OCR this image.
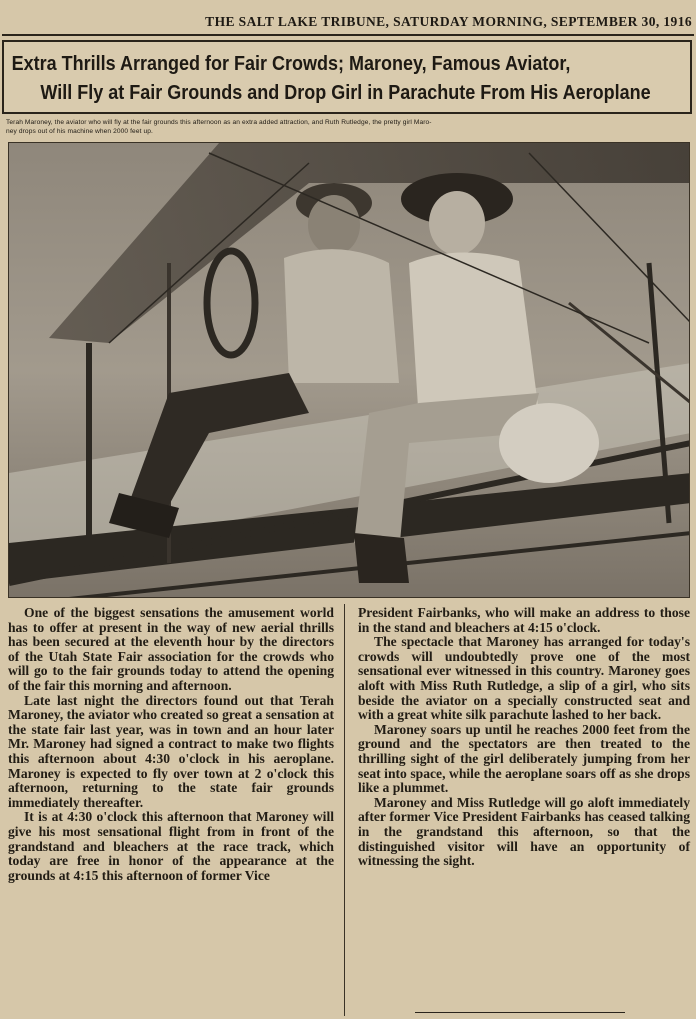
THE SALT LAKE TRIBUNE, SATURDAY MORNING, SEPTEMBER 30, 1916
Extra Thrills Arranged for Fair Crowds; Maroney, Famous Aviator,
Will Fly at Fair Grounds and Drop Girl in Parachute From His Aeroplane
Terah Maroney, the aviator who will fly at the fair grounds this afternoon as an extra added attraction, and Ruth Rutledge, the pretty girl Maro-
ney drops out of his machine when 2000 feet up.

One of the biggest sensations the amusement world has to offer at present in the way of new aerial thrills has been secured at the eleventh hour by the directors of the Utah State Fair association for the crowds who will go to the fair grounds today to attend the opening of the fair this morning and afternoon.

Late last night the directors found out that Terah Maroney, the aviator who created so great a sensation at the state fair last year, was in town and an hour later Mr. Maroney had signed a contract to make two flights this afternoon about 4:30 o'clock in his aeroplane. Maroney is expected to fly over town at 2 o'clock this afternoon, returning to the state fair grounds immediately thereafter.

It is at 4:30 o'clock this afternoon that Maroney will give his most sensational flight from in front of the grandstand and bleachers at the race track, which today are free in honor of the appearance at the grounds at 4:15 this afternoon of former Vice

President Fairbanks, who will make an address to those in the stand and bleachers at 4:15 o'clock.

The spectacle that Maroney has arranged for today's crowds will undoubtedly prove one of the most sensational ever witnessed in this country. Maroney goes aloft with Miss Ruth Rutledge, a slip of a girl, who sits beside the aviator on a specially constructed seat and with a great white silk parachute lashed to her back.

Maroney soars up until he reaches 2000 feet from the ground and the spectators are then treated to the thrilling sight of the girl deliberately jumping from her seat into space, while the aeroplane soars off as she drops like a plummet.

Maroney and Miss Rutledge will go aloft immediately after former Vice President Fairbanks has ceased talking in the grandstand this afternoon, so that the distinguished visitor will have an opportunity of witnessing the sight.
